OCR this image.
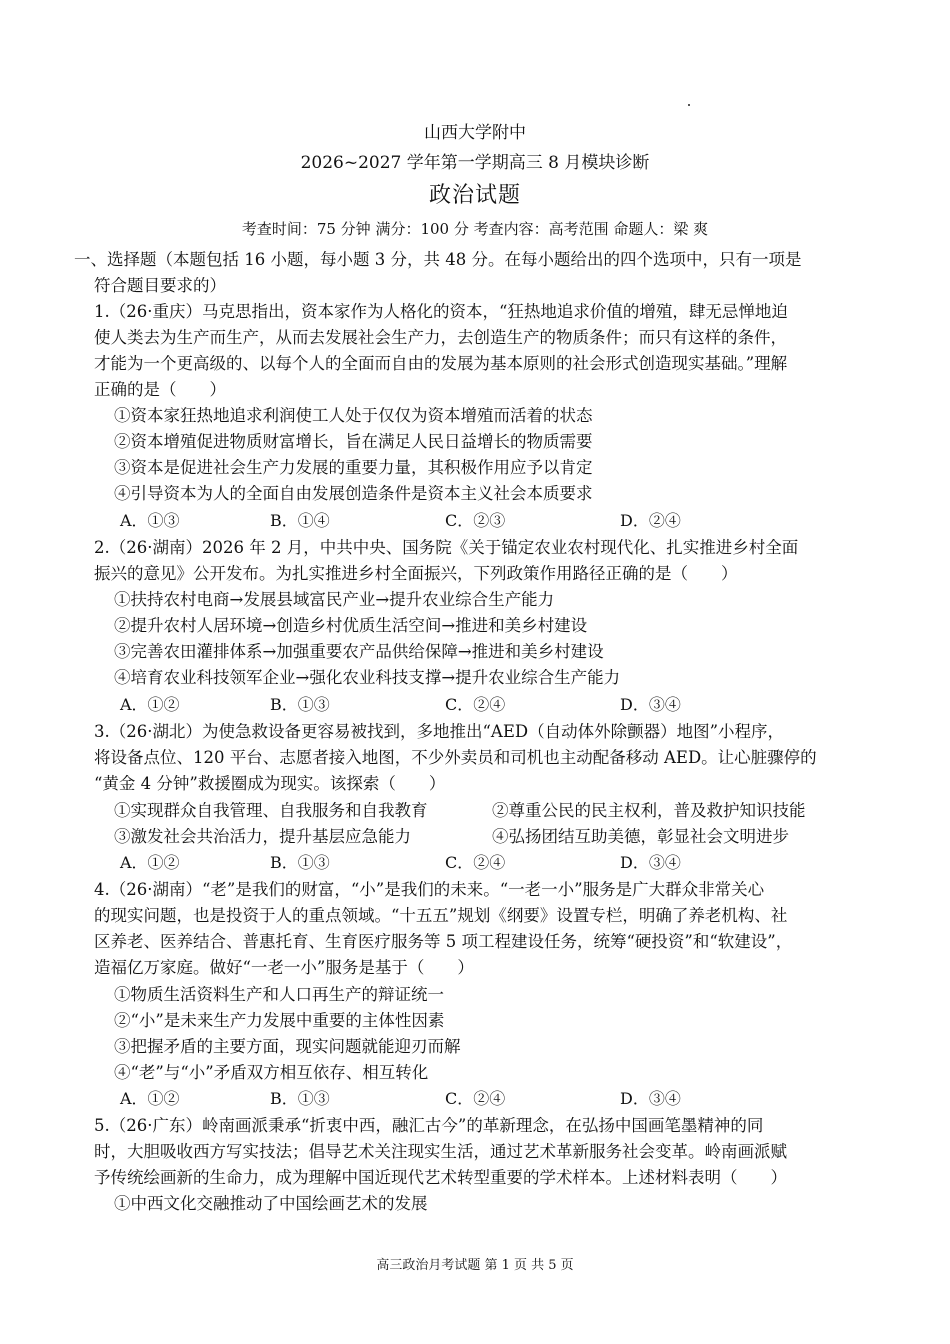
山西大学附中
2026~2027 学年第一学期高三 8 月模块诊断
政治试题
考查时间：75 分钟 满分：100 分 考查内容：高考范围 命题人：梁 爽
一、选择题（本题包括 16 小题，每小题 3 分，共 48 分。在每小题给出的四个选项中，只有一项是
符合题目要求的）
1.（26·重庆）马克思指出，资本家作为人格化的资本，“狂热地追求价值的增殖，肆无忌惮地迫
使人类去为生产而生产，从而去发展社会生产力，去创造生产的物质条件；而只有这样的条件，
才能为一个更高级的、以每个人的全面而自由的发展为基本原则的社会形式创造现实基础。”理解
正确的是（　　）
①资本家狂热地追求利润使工人处于仅仅为资本增殖而活着的状态
②资本增殖促进物质财富增长，旨在满足人民日益增长的物质需要
③资本是促进社会生产力发展的重要力量，其积极作用应予以肯定
④引导资本为人的全面自由发展创造条件是资本主义社会本质要求
A．①③	B．①④	C．②③	D．②④
2.（26·湖南）2026 年 2 月，中共中央、国务院《关于锚定农业农村现代化、扎实推进乡村全面
振兴的意见》公开发布。为扎实推进乡村全面振兴，下列政策作用路径正确的是（　　）
①扶持农村电商→发展县域富民产业→提升农业综合生产能力
②提升农村人居环境→创造乡村优质生活空间→推进和美乡村建设
③完善农田灌排体系→加强重要农产品供给保障→推进和美乡村建设
④培育农业科技领军企业→强化农业科技支撑→提升农业综合生产能力
A．①②	B．①③	C．②④	D．③④
3.（26·湖北）为使急救设备更容易被找到，多地推出“AED（自动体外除颤器）地图”小程序，
将设备点位、120 平台、志愿者接入地图，不少外卖员和司机也主动配备移动 AED。让心脏骤停的
“黄金 4 分钟”救援圈成为现实。该探索（　　）
①实现群众自我管理、自我服务和自我教育	②尊重公民的民主权利，普及救护知识技能
③激发社会共治活力，提升基层应急能力	④弘扬团结互助美德，彰显社会文明进步
A．①②	B．①③	C．②④	D．③④
4.（26·湖南）“老”是我们的财富，“小”是我们的未来。“一老一小”服务是广大群众非常关心
的现实问题，也是投资于人的重点领域。“十五五”规划《纲要》设置专栏，明确了养老机构、社
区养老、医养结合、普惠托育、生育医疗服务等 5 项工程建设任务，统筹“硬投资”和“软建设”，
造福亿万家庭。做好“一老一小”服务是基于（　　）
①物质生活资料生产和人口再生产的辩证统一
②“小”是未来生产力发展中重要的主体性因素
③把握矛盾的主要方面，现实问题就能迎刃而解
④“老”与“小”矛盾双方相互依存、相互转化
A．①②	B．①③	C．②④	D．③④
5.（26·广东）岭南画派秉承“折衷中西，融汇古今”的革新理念，在弘扬中国画笔墨精神的同
时，大胆吸收西方写实技法；倡导艺术关注现实生活，通过艺术革新服务社会变革。岭南画派赋
予传统绘画新的生命力，成为理解中国近现代艺术转型重要的学术样本。上述材料表明（　　）
①中西文化交融推动了中国绘画艺术的发展
高三政治月考试题 第 1 页 共 5 页
